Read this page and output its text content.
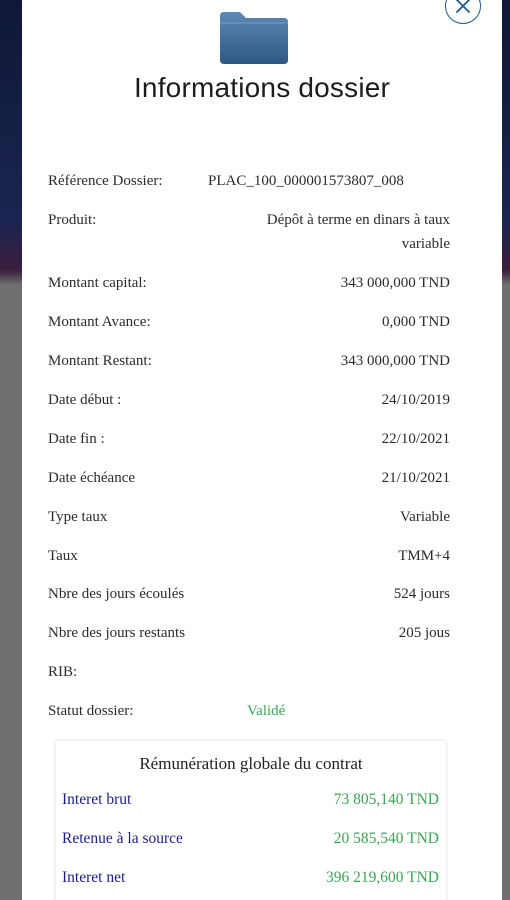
Informations dossier
Référence Dossier:	PLAC_100_000001573807_008
Produit:	Dépôt à terme en dinars à taux variable
Montant capital:	343 000,000 TND
Montant Avance:	0,000 TND
Montant Restant:	343 000,000 TND
Date début :	24/10/2019
Date fin :	22/10/2021
Date échéance	21/10/2021
Type taux	Variable
Taux	TMM+4
Nbre des jours écoulés	524 jours
Nbre des jours restants	205 jous
RIB:
Statut dossier:	Validé
Rémunération globale du contrat
Interet brut	73 805,140 TND
Retenue à la source	20 585,540 TND
Interet net	396 219,600 TND
